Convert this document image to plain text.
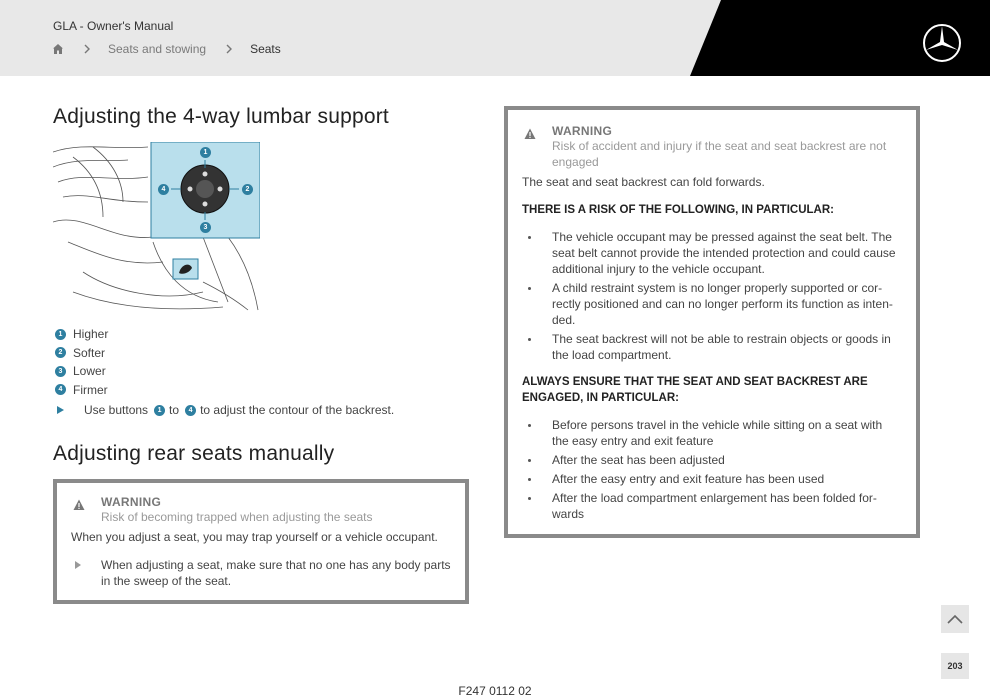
GLA - Owner's Manual
Seats and stowing	Seats
Adjusting the 4-way lumbar support
1
2
3
4
1 Higher
2 Softer
3 Lower
4 Firmer
Use buttons	1 to	4 to adjust the contour of the backrest.
Adjusting rear seats manually
WARNING
Risk of becoming trapped when adjusting the seats
When you adjust a seat, you may trap yourself or a vehicle occupant.
When adjusting a seat, make sure that no one has any body parts in the sweep of the seat.
WARNING
Risk of accident and injury if the seat and seat backrest are not engaged
The seat and seat backrest can fold forwards.
THERE IS A RISK OF THE FOLLOWING, IN PARTICULAR:
The vehicle occupant may be pressed against the seat belt. The seat belt cannot provide the intended protection and could cause additional injury to the vehicle occupant.
A child restraint system is no longer properly supported or cor-rectly positioned and can no longer perform its function as inten-ded.
The seat backrest will not be able to restrain objects or goods in the load compartment.
ALWAYS ENSURE THAT THE SEAT AND SEAT BACKREST ARE ENGAGED, IN PARTICULAR:
Before persons travel in the vehicle while sitting on a seat with the easy entry and exit feature
After the seat has been adjusted
After the easy entry and exit feature has been used
After the load compartment enlargement has been folded for-wards
203
F247 0112 02
